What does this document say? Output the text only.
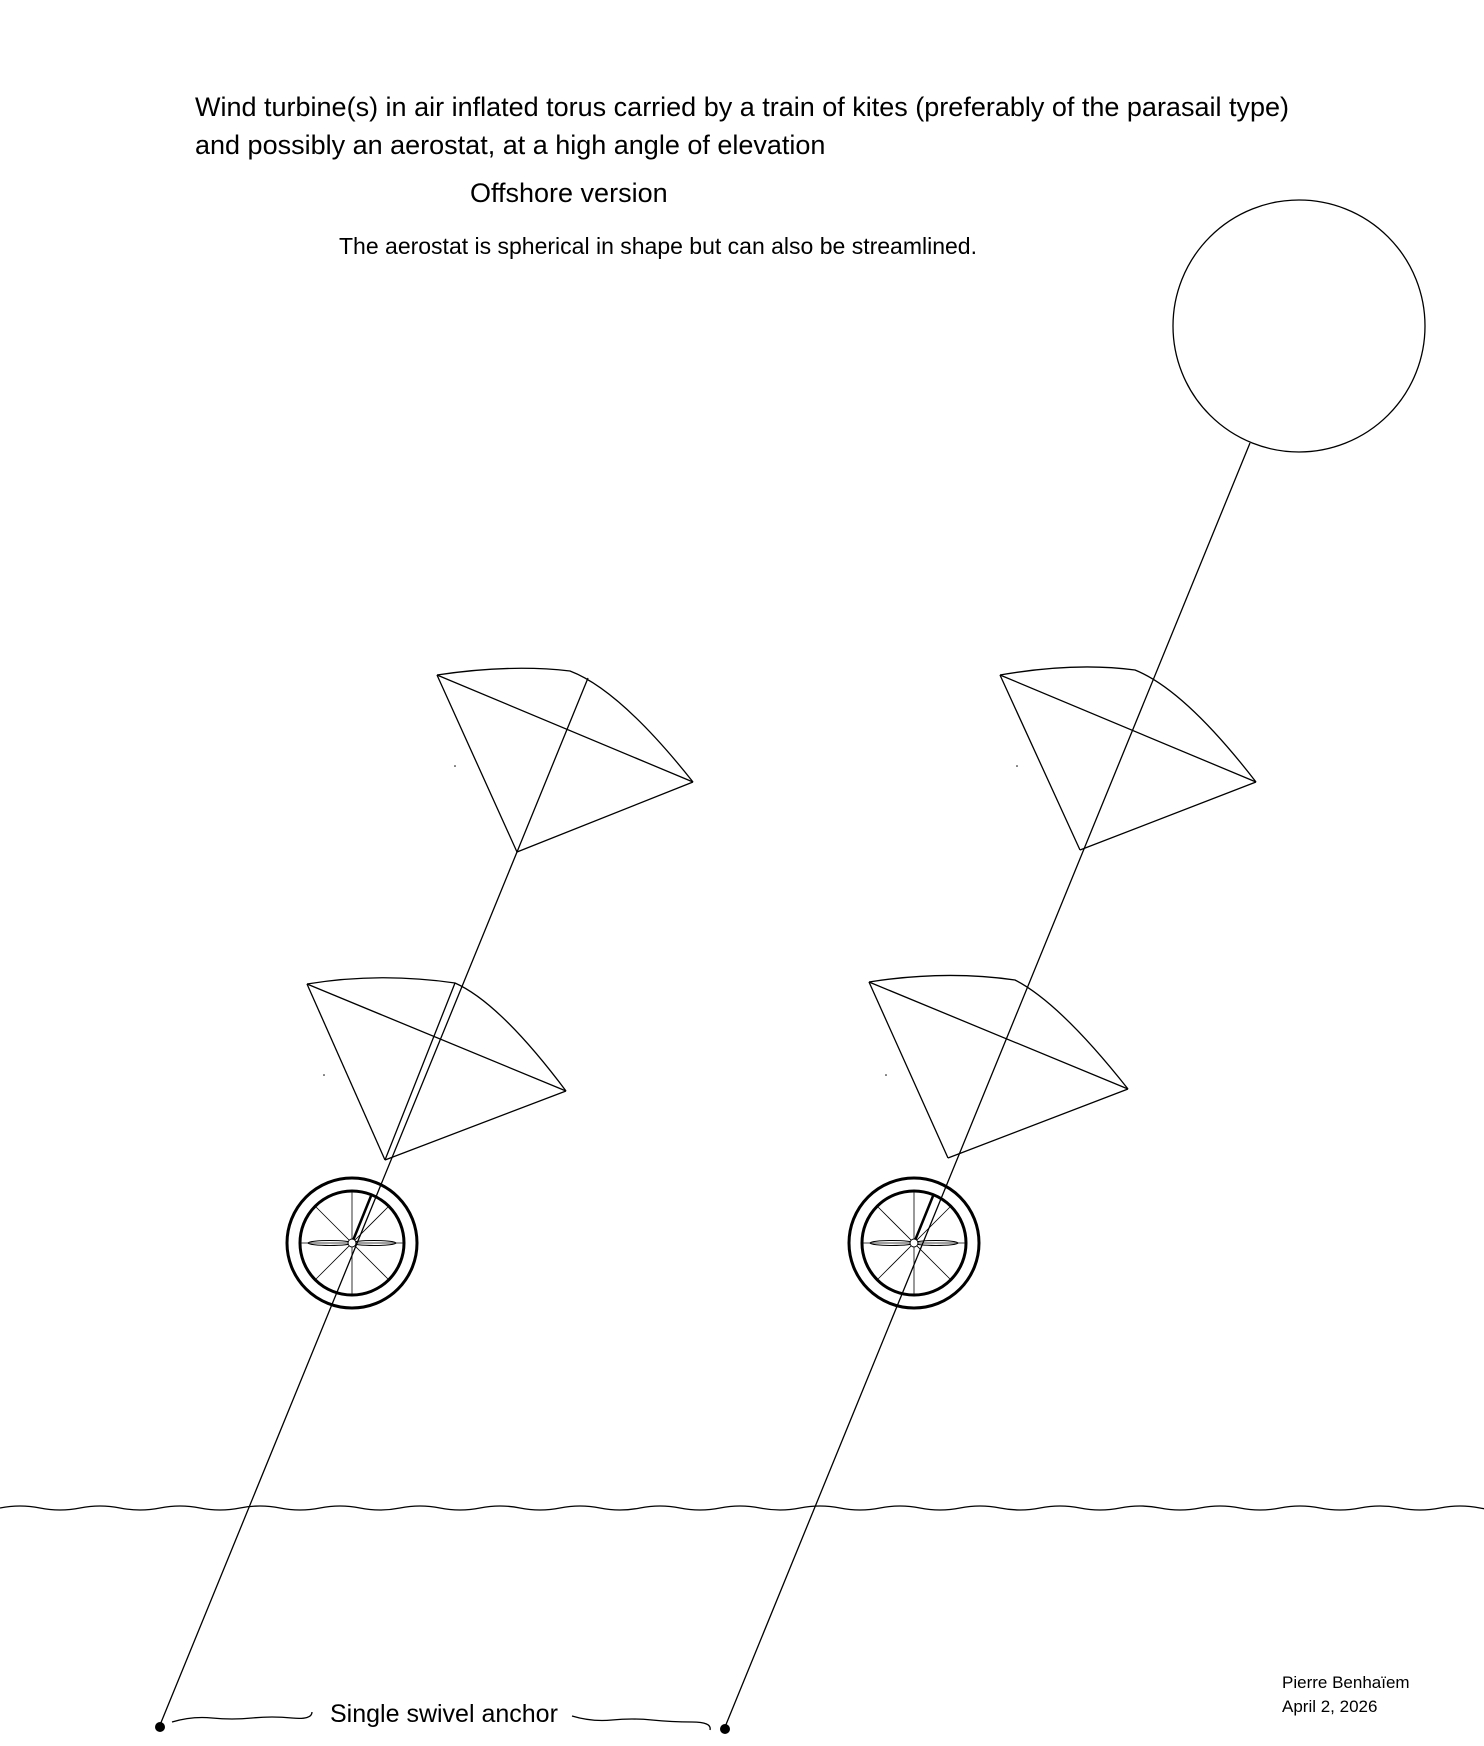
Wind turbine(s) in air inflated torus carried by a train of kites (preferably of the parasail type) and possibly an aerostat, at a high angle of elevation
Offshore version
The aerostat is spherical in shape but can also be streamlined.
Single swivel anchor
Pierre Benhaïem
April 2, 2026
